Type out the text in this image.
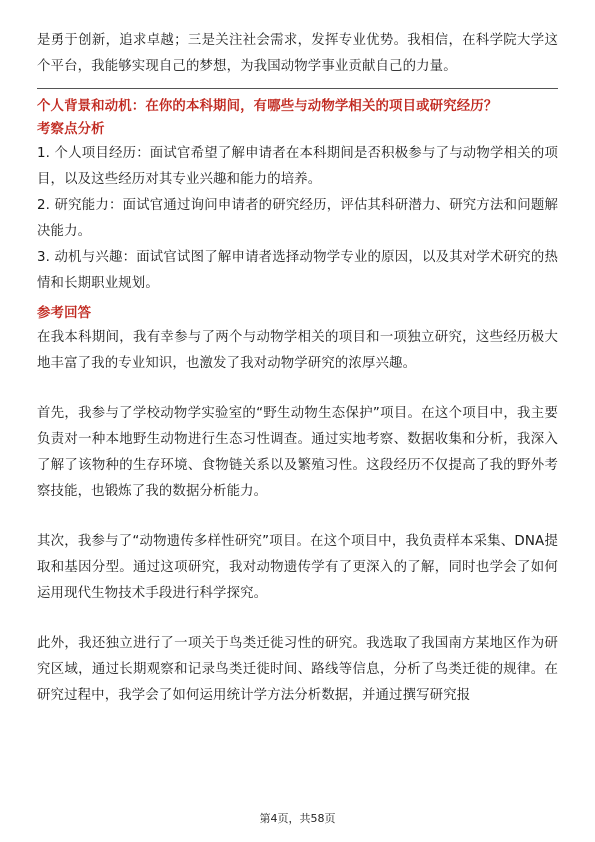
是勇于创新，追求卓越；三是关注社会需求，发挥专业优势。我相信，在科学院大学这个平台，我能够实现自己的梦想，为我国动物学事业贡献自己的力量。

个人背景和动机：在你的本科期间，有哪些与动物学相关的项目或研究经历？

考察点分析

1. 个人项目经历：面试官希望了解申请者在本科期间是否积极参与了与动物学相关的项目，以及这些经历对其专业兴趣和能力的培养。

2. 研究能力：面试官通过询问申请者的研究经历，评估其科研潜力、研究方法和问题解决能力。

3. 动机与兴趣：面试官试图了解申请者选择动物学专业的原因，以及其对学术研究的热情和长期职业规划。

参考回答

在我本科期间，我有幸参与了两个与动物学相关的项目和一项独立研究，这些经历极大地丰富了我的专业知识，也激发了我对动物学研究的浓厚兴趣。

首先，我参与了学校动物学实验室的“野生动物生态保护”项目。在这个项目中，我主要负责对一种本地野生动物进行生态习性调查。通过实地考察、数据收集和分析，我深入了解了该物种的生存环境、食物链关系以及繁殖习性。这段经历不仅提高了我的野外考察技能，也锻炼了我的数据分析能力。

其次，我参与了“动物遗传多样性研究”项目。在这个项目中，我负责样本采集、DNA提取和基因分型。通过这项研究，我对动物遗传学有了更深入的了解，同时也学会了如何运用现代生物技术手段进行科学探究。

此外，我还独立进行了一项关于鸟类迁徙习性的研究。我选取了我国南方某地区作为研究区域，通过长期观察和记录鸟类迁徙时间、路线等信息，分析了鸟类迁徙的规律。在研究过程中，我学会了如何运用统计学方法分析数据，并通过撰写研究报

第4页，共58页
